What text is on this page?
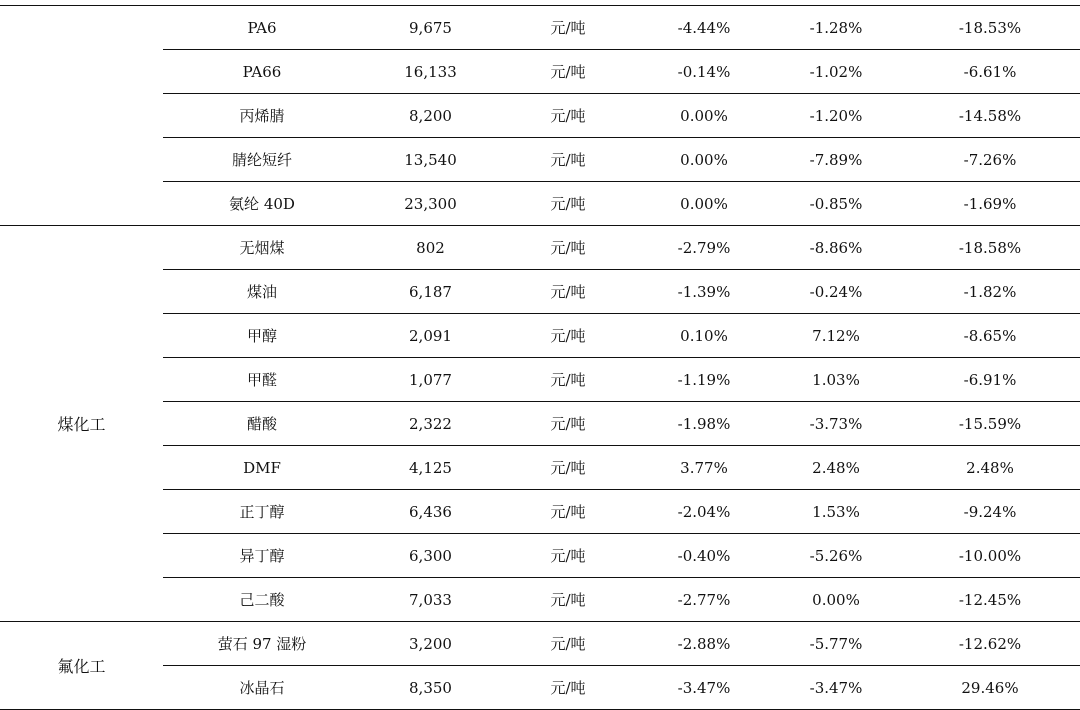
	PA6	9,675	元/吨	-4.44%	-1.28%	-18.53%
	PA66	16,133	元/吨	-0.14%	-1.02%	-6.61%
	丙烯腈	8,200	元/吨	0.00%	-1.20%	-14.58%
	腈纶短纤	13,540	元/吨	0.00%	-7.89%	-7.26%
	氨纶 40D	23,300	元/吨	0.00%	-0.85%	-1.69%
煤化工	无烟煤	802	元/吨	-2.79%	-8.86%	-18.58%
	煤油	6,187	元/吨	-1.39%	-0.24%	-1.82%
	甲醇	2,091	元/吨	0.10%	7.12%	-8.65%
	甲醛	1,077	元/吨	-1.19%	1.03%	-6.91%
	醋酸	2,322	元/吨	-1.98%	-3.73%	-15.59%
	DMF	4,125	元/吨	3.77%	2.48%	2.48%
	正丁醇	6,436	元/吨	-2.04%	1.53%	-9.24%
	异丁醇	6,300	元/吨	-0.40%	-5.26%	-10.00%
	己二酸	7,033	元/吨	-2.77%	0.00%	-12.45%
氟化工	萤石 97 湿粉	3,200	元/吨	-2.88%	-5.77%	-12.62%
	冰晶石	8,350	元/吨	-3.47%	-3.47%	29.46%
